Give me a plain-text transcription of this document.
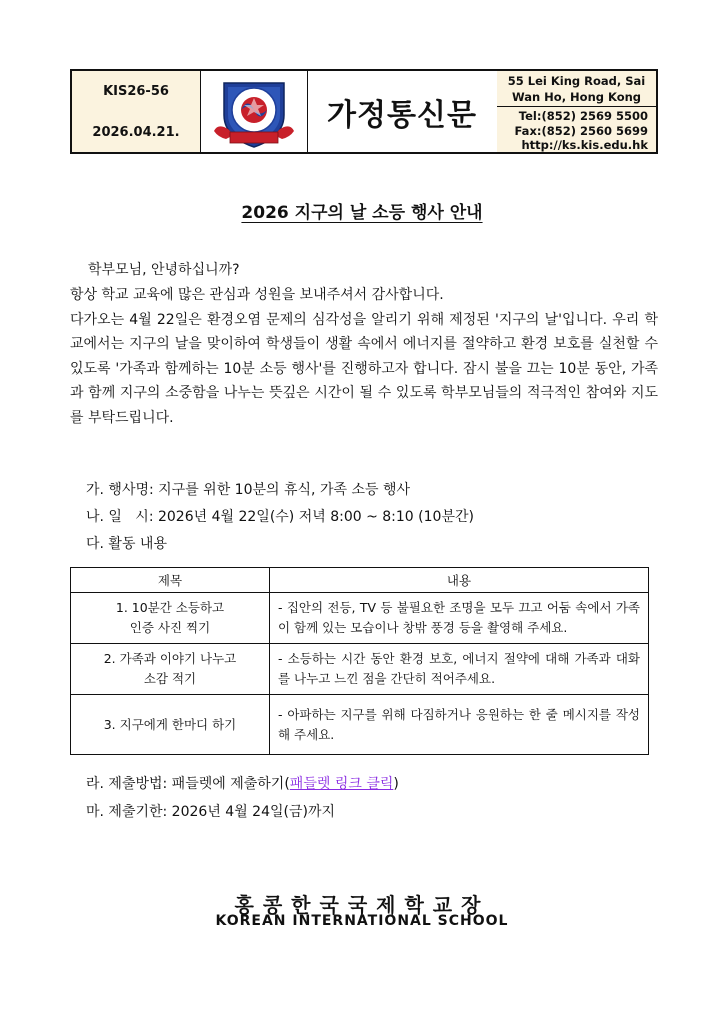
KIS26-56
2026.04.21.	가정통신문
55 Lei King Road, Sai
Wan Ho, Hong Kong
Tel:(852) 2569 5500
Fax:(852) 2560 5699
http://ks.kis.edu.hk
2026 지구의 날 소등 행사 안내
학부모님, 안녕하십니까?

항상 학교 교육에 많은 관심과 성원을 보내주셔서 감사합니다.

다가오는 4월 22일은 환경오염 문제의 심각성을 알리기 위해 제정된 '지구의 날'입니다. 우리 학교에서는 지구의 날을 맞이하여 학생들이 생활 속에서 에너지를 절약하고 환경 보호를 실천할 수 있도록 '가족과 함께하는 10분 소등 행사'를 진행하고자 합니다. 잠시 불을 끄는 10분 동안, 가족과 함께 지구의 소중함을 나누는 뜻깊은 시간이 될 수 있도록 학부모님들의 적극적인 참여와 지도를 부탁드립니다.

가. 행사명: 지구를 위한 10분의 휴식, 가족 소등 행사
나. 일   시: 2026년 4월 22일(수) 저녁 8:00 ~ 8:10 (10분간)
다. 활동 내용
제목	내용

1. 10분간 소등하고
인증 사진 찍기	- 집안의 전등, TV 등 불필요한 조명을 모두 끄고 어둠 속에서 가족이 함께 있는 모습이나 창밖 풍경 등을 촬영해 주세요.

2. 가족과 이야기 나누고
소감 적기	- 소등하는 시간 동안 환경 보호, 에너지 절약에 대해 가족과 대화를 나누고 느낀 점을 간단히 적어주세요.

3. 지구에게 한마디 하기	- 아파하는 지구를 위해 다짐하거나 응원하는 한 줄 메시지를 작성해 주세요.
라. 제출방법: 패들렛에 제출하기(패들렛 링크 클릭)
마. 제출기한: 2026년 4월 24일(금)까지
홍콩한국국제학교장
KOREAN INTERNATIONAL SCHOOL
